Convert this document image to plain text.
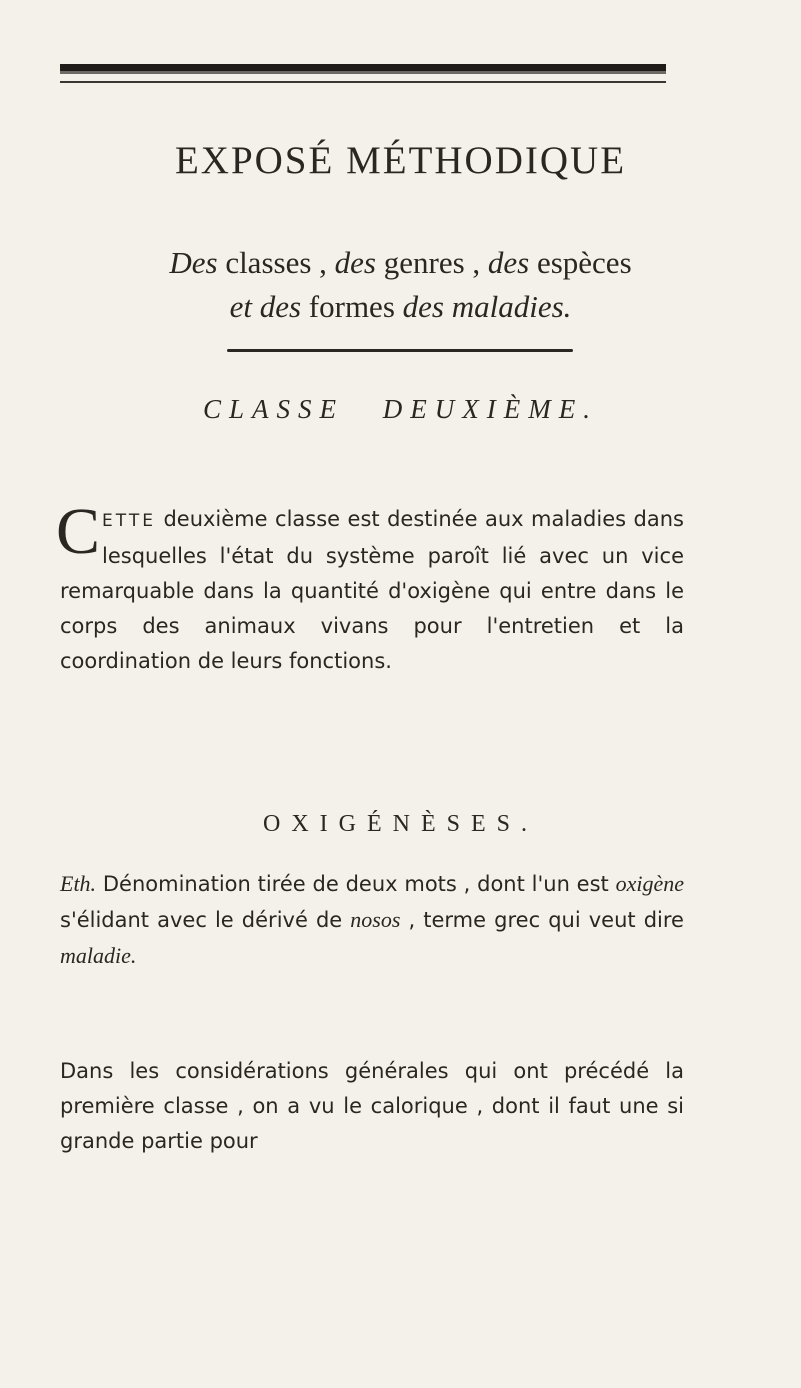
EXPOSÉ MÉTHODIQUE
Des classes , des genres , des espèces
et des formes des maladies.
CLASSE DEUXIÈME.
CETTE deuxième classe est destinée aux maladies dans lesquelles l'état du système paroît lié avec un vice remarquable dans la quantité d'oxigène qui entre dans le corps des animaux vivans pour l'entretien et la coordination de leurs fonctions.
OXIGÉNÈSES.
Eth. Dénomination tirée de deux mots , dont l'un est oxigène s'élidant avec le dérivé de nosos , terme grec qui veut dire maladie.
Dans les considérations générales qui ont précédé la première classe , on a vu le calorique , dont il faut une si grande partie pour
